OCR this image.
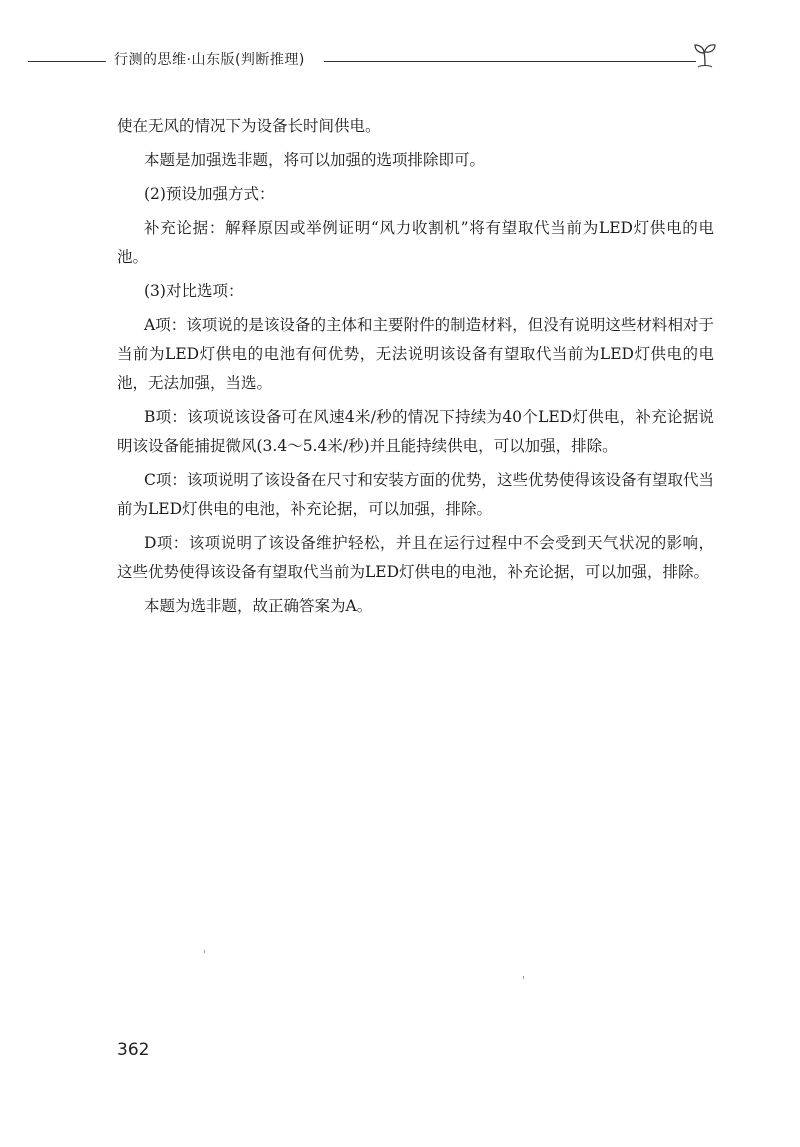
行测的思维·山东版(判断推理)

使在无风的情况下为设备长时间供电。

本题是加强选非题，将可以加强的选项排除即可。

(2)预设加强方式：

补充论据：解释原因或举例证明“风力收割机”将有望取代当前为LED灯供电的电池。

(3)对比选项：

A项：该项说的是该设备的主体和主要附件的制造材料，但没有说明这些材料相对于当前为LED灯供电的电池有何优势，无法说明该设备有望取代当前为LED灯供电的电池，无法加强，当选。

B项：该项说该设备可在风速4米/秒的情况下持续为40个LED灯供电，补充论据说明该设备能捕捉微风(3.4～5.4米/秒)并且能持续供电，可以加强，排除。

C项：该项说明了该设备在尺寸和安装方面的优势，这些优势使得该设备有望取代当前为LED灯供电的电池，补充论据，可以加强，排除。

D项：该项说明了该设备维护轻松，并且在运行过程中不会受到天气状况的影响，这些优势使得该设备有望取代当前为LED灯供电的电池，补充论据，可以加强，排除。

本题为选非题，故正确答案为A。

362
